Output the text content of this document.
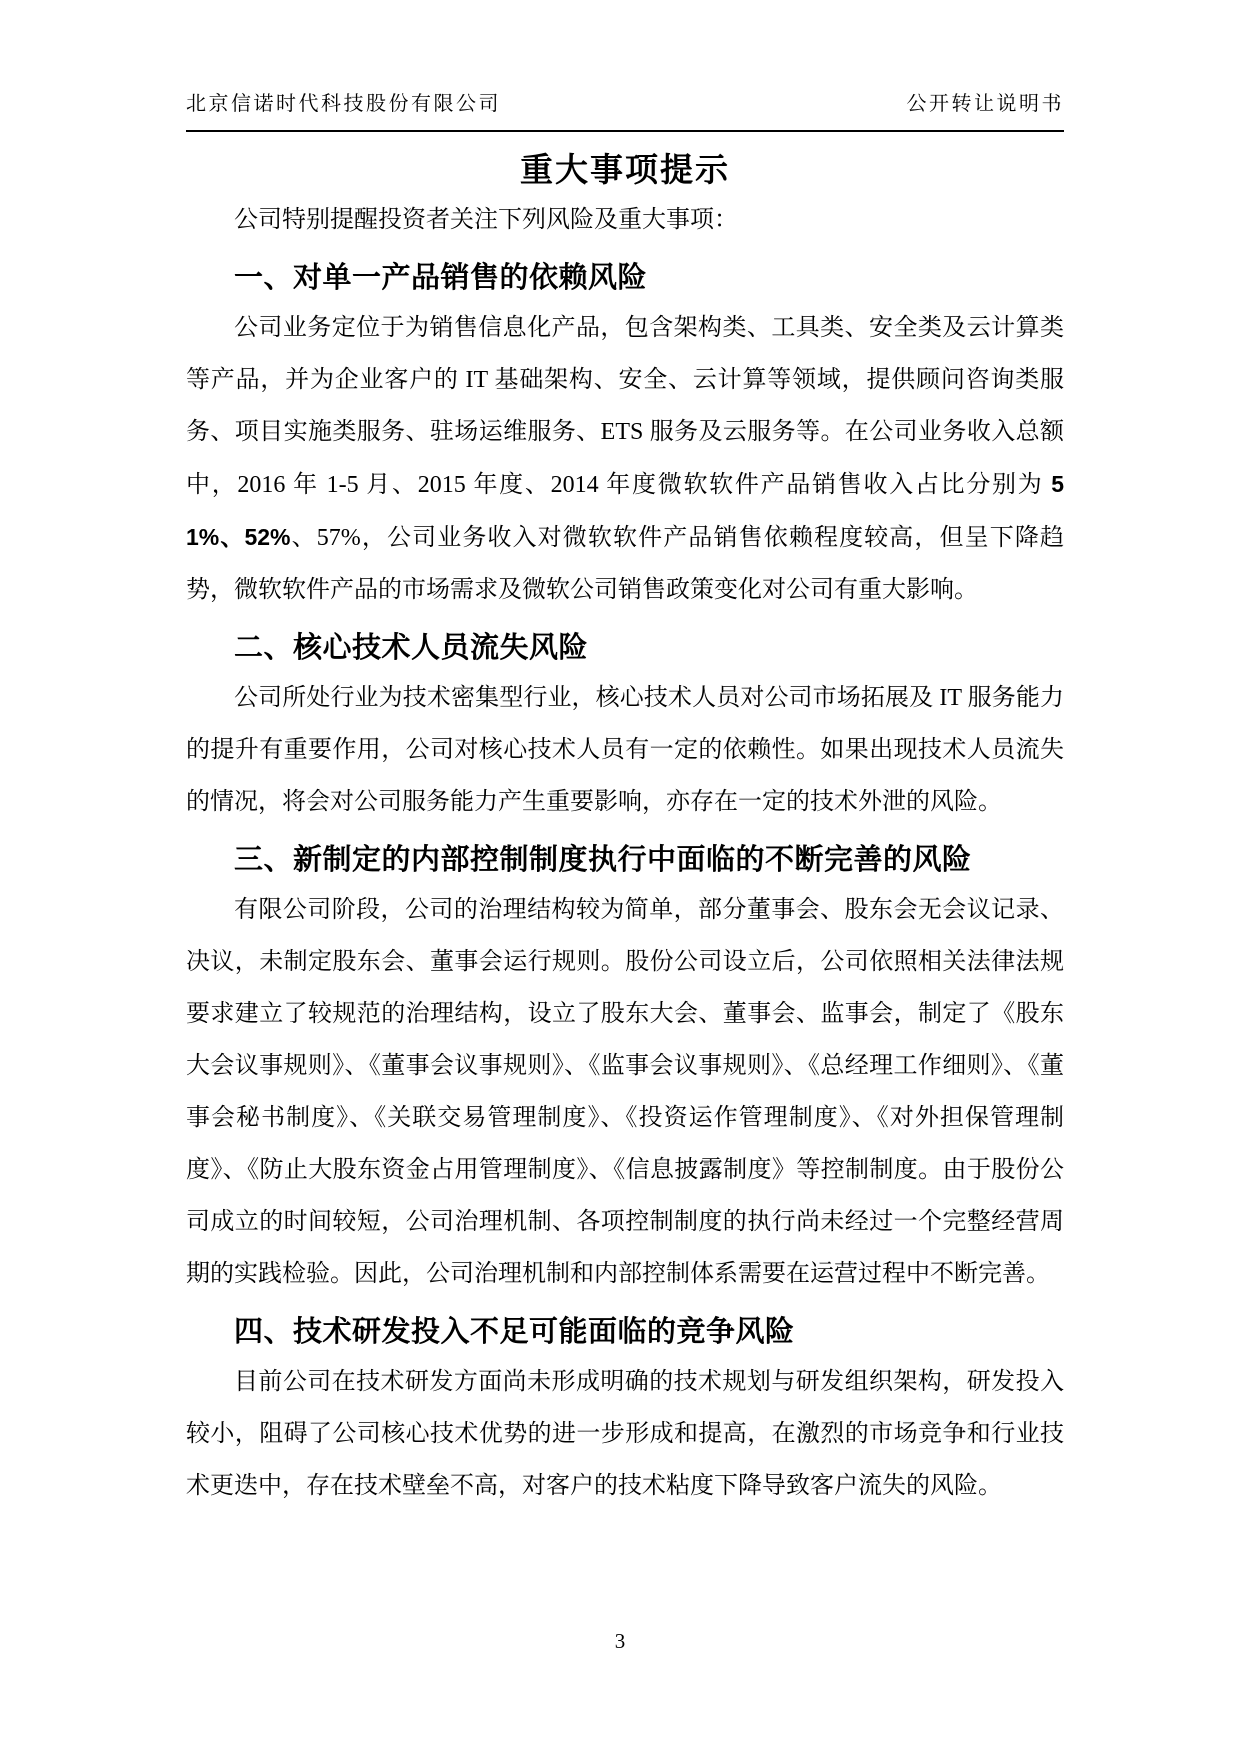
北京信诺时代科技股份有限公司	公开转让说明书
重大事项提示

公司特别提醒投资者关注下列风险及重大事项：

一、对单一产品销售的依赖风险

公司业务定位于为销售信息化产品，包含架构类、工具类、安全类及云计算类等产品，并为企业客户的 IT 基础架构、安全、云计算等领域，提供顾问咨询类服务、项目实施类服务、驻场运维服务、ETS 服务及云服务等。在公司业务收入总额中，2016 年 1-5 月、2015 年度、2014 年度微软软件产品销售收入占比分别为 51%、52%、57%，公司业务收入对微软软件产品销售依赖程度较高，但呈下降趋势，微软软件产品的市场需求及微软公司销售政策变化对公司有重大影响。

二、核心技术人员流失风险

公司所处行业为技术密集型行业，核心技术人员对公司市场拓展及 IT 服务能力的提升有重要作用，公司对核心技术人员有一定的依赖性。如果出现技术人员流失的情况，将会对公司服务能力产生重要影响，亦存在一定的技术外泄的风险。

三、新制定的内部控制制度执行中面临的不断完善的风险

有限公司阶段，公司的治理结构较为简单，部分董事会、股东会无会议记录、决议，未制定股东会、董事会运行规则。股份公司设立后，公司依照相关法律法规要求建立了较规范的治理结构，设立了股东大会、董事会、监事会，制定了《股东大会议事规则》、《董事会议事规则》、《监事会议事规则》、《总经理工作细则》、《董事会秘书制度》、《关联交易管理制度》、《投资运作管理制度》、《对外担保管理制度》、《防止大股东资金占用管理制度》、《信息披露制度》等控制制度。由于股份公司成立的时间较短，公司治理机制、各项控制制度的执行尚未经过一个完整经营周期的实践检验。因此，公司治理机制和内部控制体系需要在运营过程中不断完善。

四、技术研发投入不足可能面临的竞争风险

目前公司在技术研发方面尚未形成明确的技术规划与研发组织架构，研发投入较小，阻碍了公司核心技术优势的进一步形成和提高，在激烈的市场竞争和行业技术更迭中，存在技术壁垒不高，对客户的技术粘度下降导致客户流失的风险。

3
